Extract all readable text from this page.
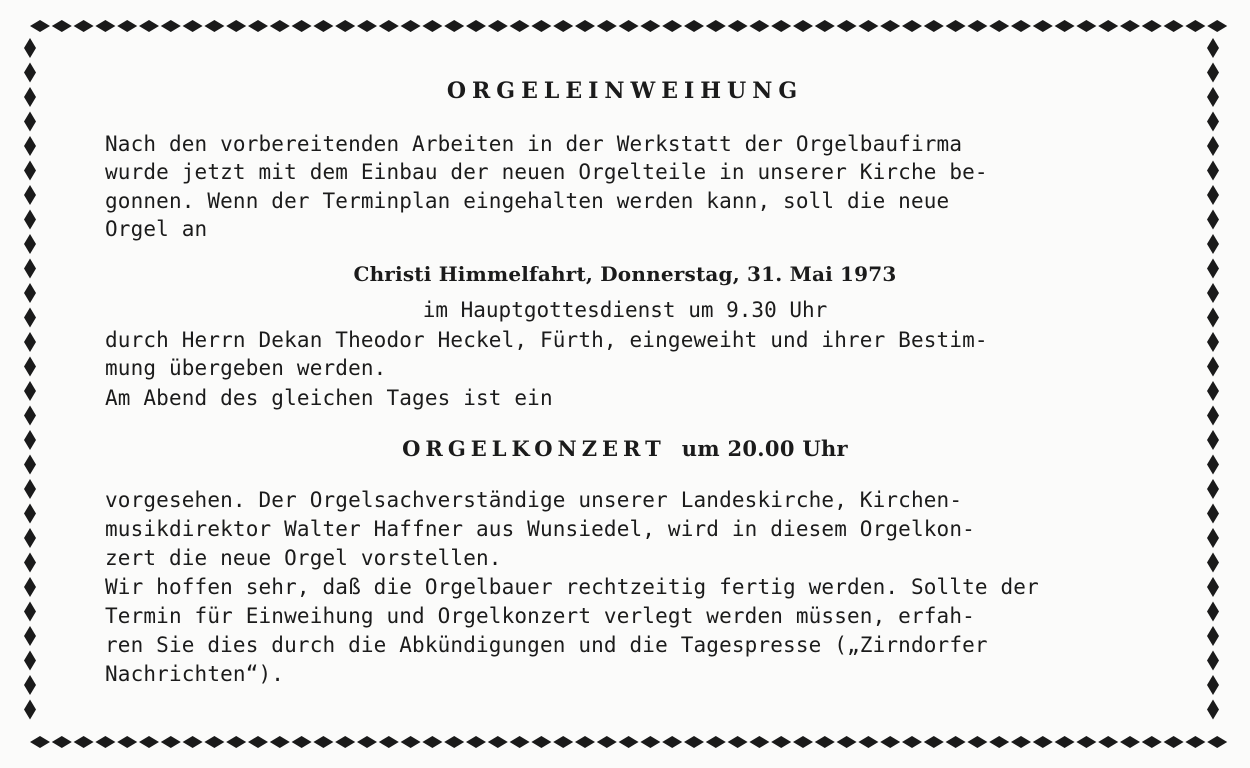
ORGELEINWEIHUNG
Nach den vorbereitenden Arbeiten in der Werkstatt der Orgelbaufirma
wurde jetzt mit dem Einbau der neuen Orgelteile in unserer Kirche be-
gonnen. Wenn der Terminplan eingehalten werden kann, soll die neue
Orgel an
Christi Himmelfahrt, Donnerstag, 31. Mai 1973
im Hauptgottesdienst um 9.30 Uhr
durch Herrn Dekan Theodor Heckel, Fürth, eingeweiht und ihrer Bestim-
mung übergeben werden.
Am Abend des gleichen Tages ist ein
ORGELKONZERT um 20.00 Uhr
vorgesehen. Der Orgelsachverständige unserer Landeskirche, Kirchen-
musikdirektor Walter Haffner aus Wunsiedel, wird in diesem Orgelkon-
zert die neue Orgel vorstellen.
Wir hoffen sehr, daß die Orgelbauer rechtzeitig fertig werden. Sollte der
Termin für Einweihung und Orgelkonzert verlegt werden müssen, erfah-
ren Sie dies durch die Abkündigungen und die Tagespresse („Zirndorfer
Nachrichten“).
